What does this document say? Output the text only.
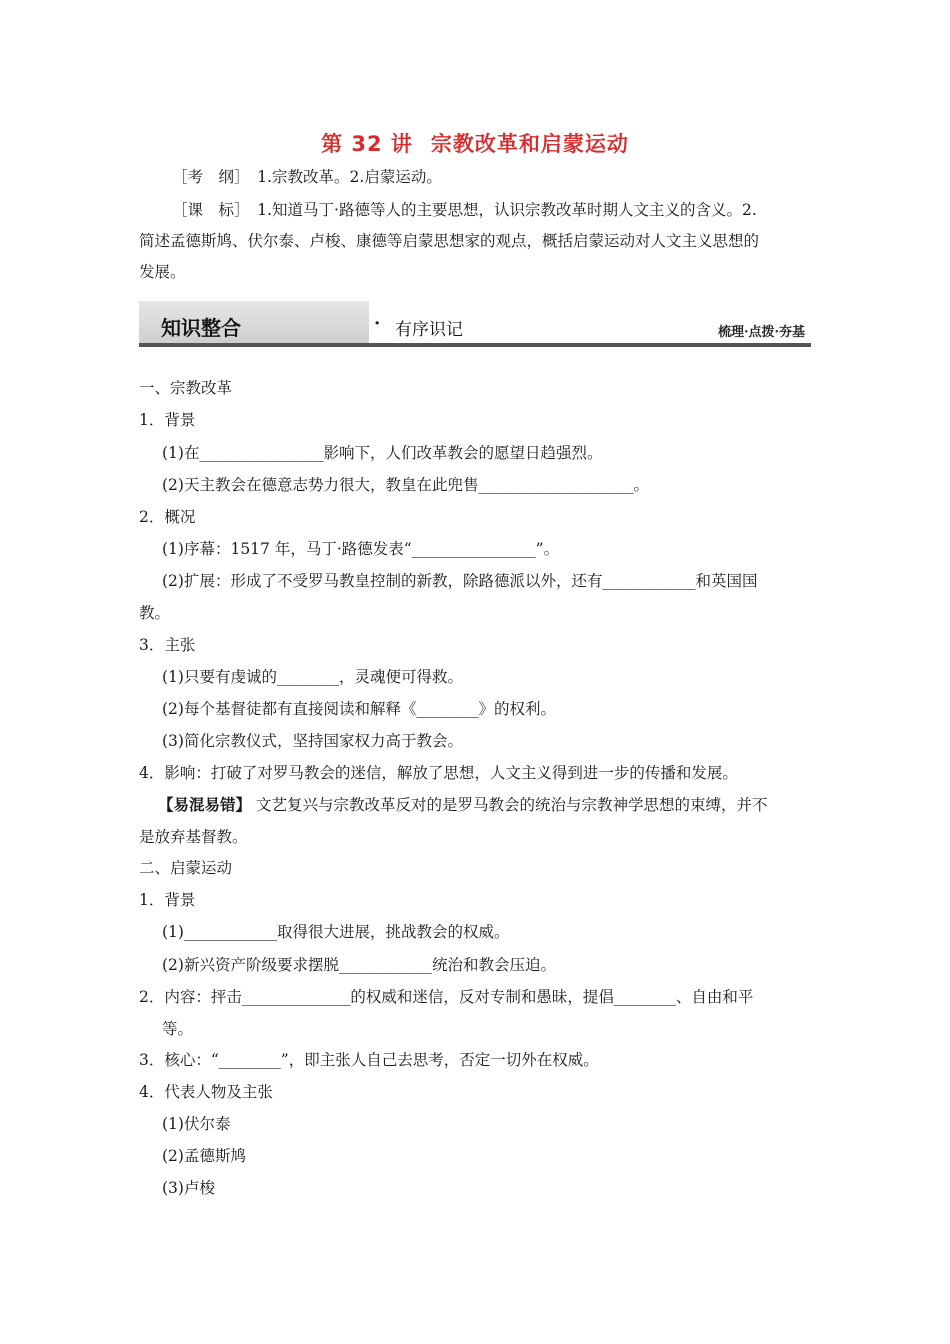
第 32 讲 宗教改革和启蒙运动
［考　纲］　1.宗教改革。2.启蒙运动。
［课　标］　1.知道马丁·路德等人的主要思想，认识宗教改革时期人文主义的含义。2.
简述孟德斯鸠、伏尔泰、卢梭、康德等启蒙思想家的观点，概括启蒙运动对人文主义思想的
发展。
知识整合	· 有序识记	梳理·点拨·夯基
一、宗教改革
1．背景
(1)在________________影响下，人们改革教会的愿望日趋强烈。
(2)天主教会在德意志势力很大，教皇在此兜售____________________。
2．概况
(1)序幕：1517 年，马丁·路德发表“________________”。
(2)扩展：形成了不受罗马教皇控制的新教，除路德派以外，还有____________和英国国
教。
3．主张
(1)只要有虔诚的________，灵魂便可得救。
(2)每个基督徒都有直接阅读和解释《________》的权利。
(3)简化宗教仪式，坚持国家权力高于教会。
4．影响：打破了对罗马教会的迷信，解放了思想，人文主义得到进一步的传播和发展。
【易混易错】 文艺复兴与宗教改革反对的是罗马教会的统治与宗教神学思想的束缚，并不
是放弃基督教。
二、启蒙运动
1．背景
(1)____________取得很大进展，挑战教会的权威。
(2)新兴资产阶级要求摆脱____________统治和教会压迫。
2．内容：抨击______________的权威和迷信，反对专制和愚昧，提倡________、自由和平
等。
3．核心：“________”，即主张人自己去思考，否定一切外在权威。
4．代表人物及主张
(1)伏尔泰
(2)孟德斯鸠
(3)卢梭
